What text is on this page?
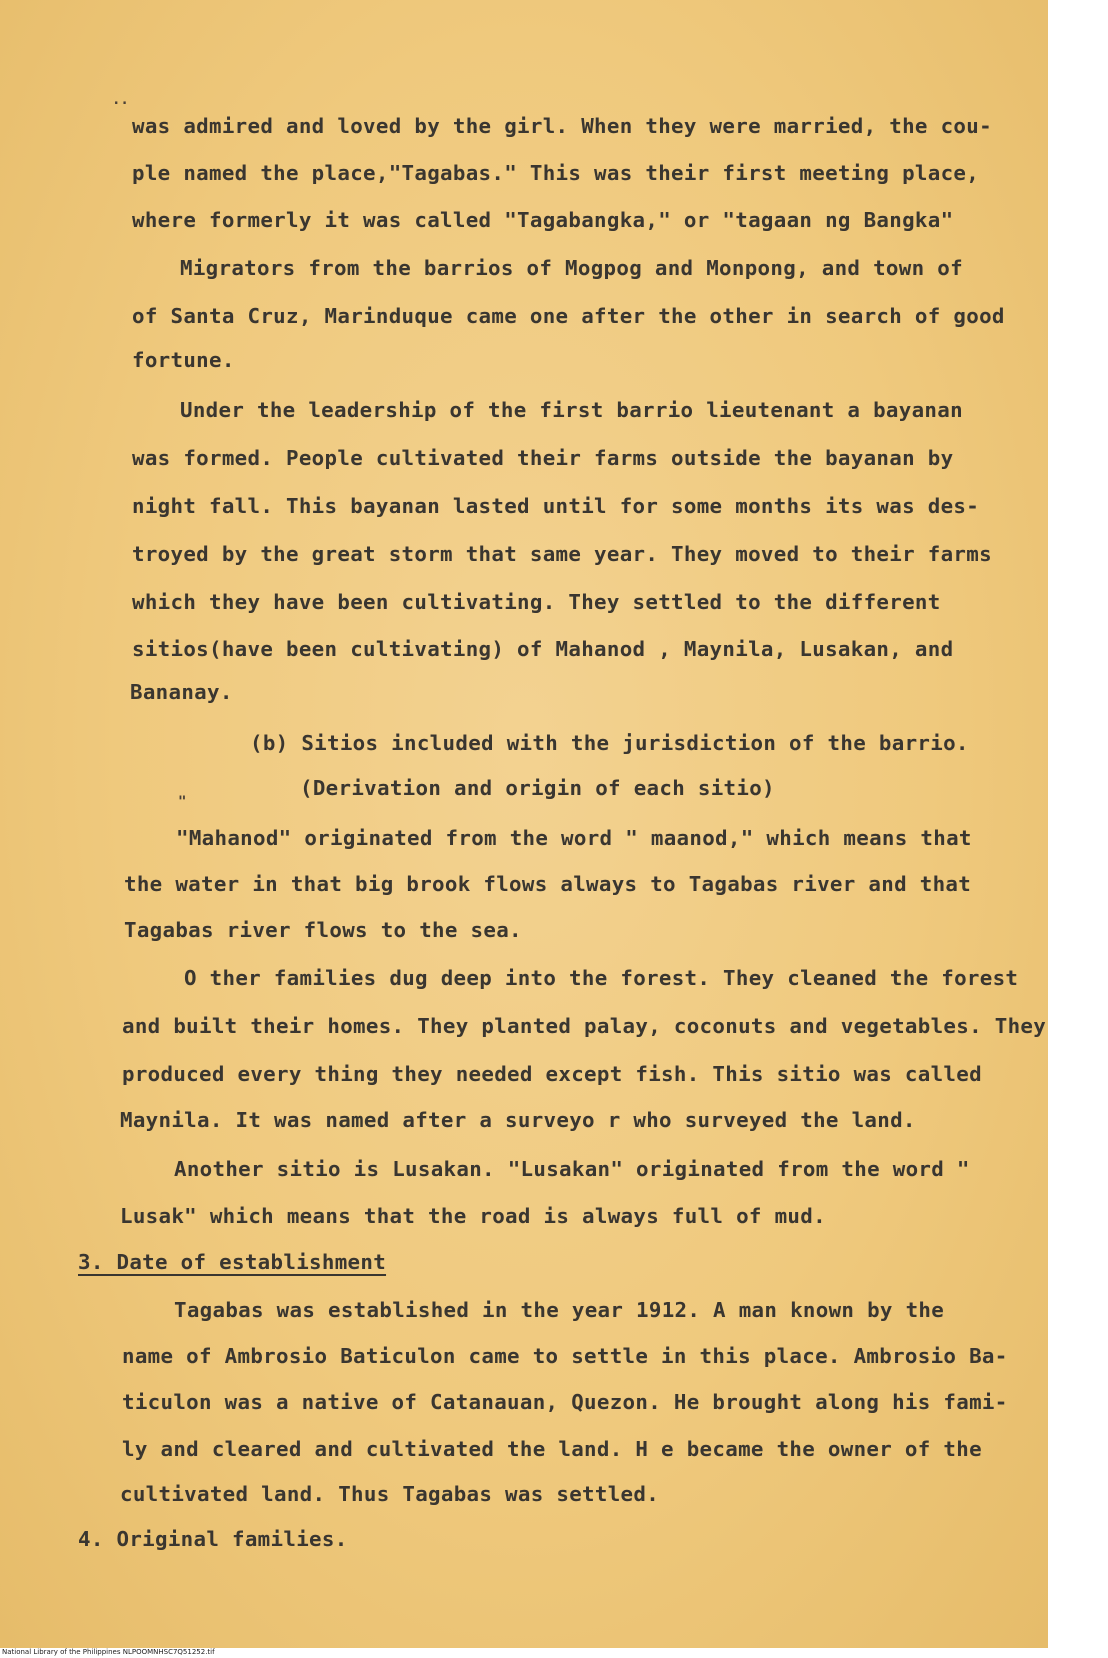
..
was admired and loved by the girl. When they were married, the cou-
ple named the place,"Tagabas." This was their first meeting place,
where formerly it was called "Tagabangka," or "tagaan ng Bangka"
Migrators from the barrios of Mogpog and Monpong, and town of
of Santa Cruz, Marinduque came one after the other in search of good
fortune.
Under the leadership of the first barrio lieutenant a bayanan
was formed. People cultivated their farms outside the bayanan by
night fall. This bayanan lasted until for some months its was des-
troyed by the great storm that same year. They moved to their farms
which they have been cultivating. They settled to the different
sitios(have been cultivating) of Mahanod , Maynila, Lusakan, and
Bananay.
(b) Sitios included with the jurisdiction of the barrio.
(Derivation and origin of each sitio)
"
"Mahanod" originated from the word " maanod," which means that
the water in that big brook flows always to Tagabas river and that
Tagabas river flows to the sea.
O ther families dug deep into the forest. They cleaned the forest
and built their homes. They planted palay, coconuts and vegetables. They
produced every thing they needed except fish. This sitio was called
Maynila. It was named after a surveyo r who surveyed the land.
Another sitio is Lusakan. "Lusakan" originated from the word "
Lusak" which means that the road is always full of mud.
3. Date of establishment
Tagabas was established in the year 1912. A man known by the
name of Ambrosio Baticulon came to settle in this place. Ambrosio Ba-
ticulon was a native of Catanauan, Quezon. He brought along his fami-
ly and cleared and cultivated the land. H e became the owner of the
cultivated land. Thus Tagabas was settled.
4. Original families.
National Library of the Philippines NLPOOMNHSC7Q51252.tif
